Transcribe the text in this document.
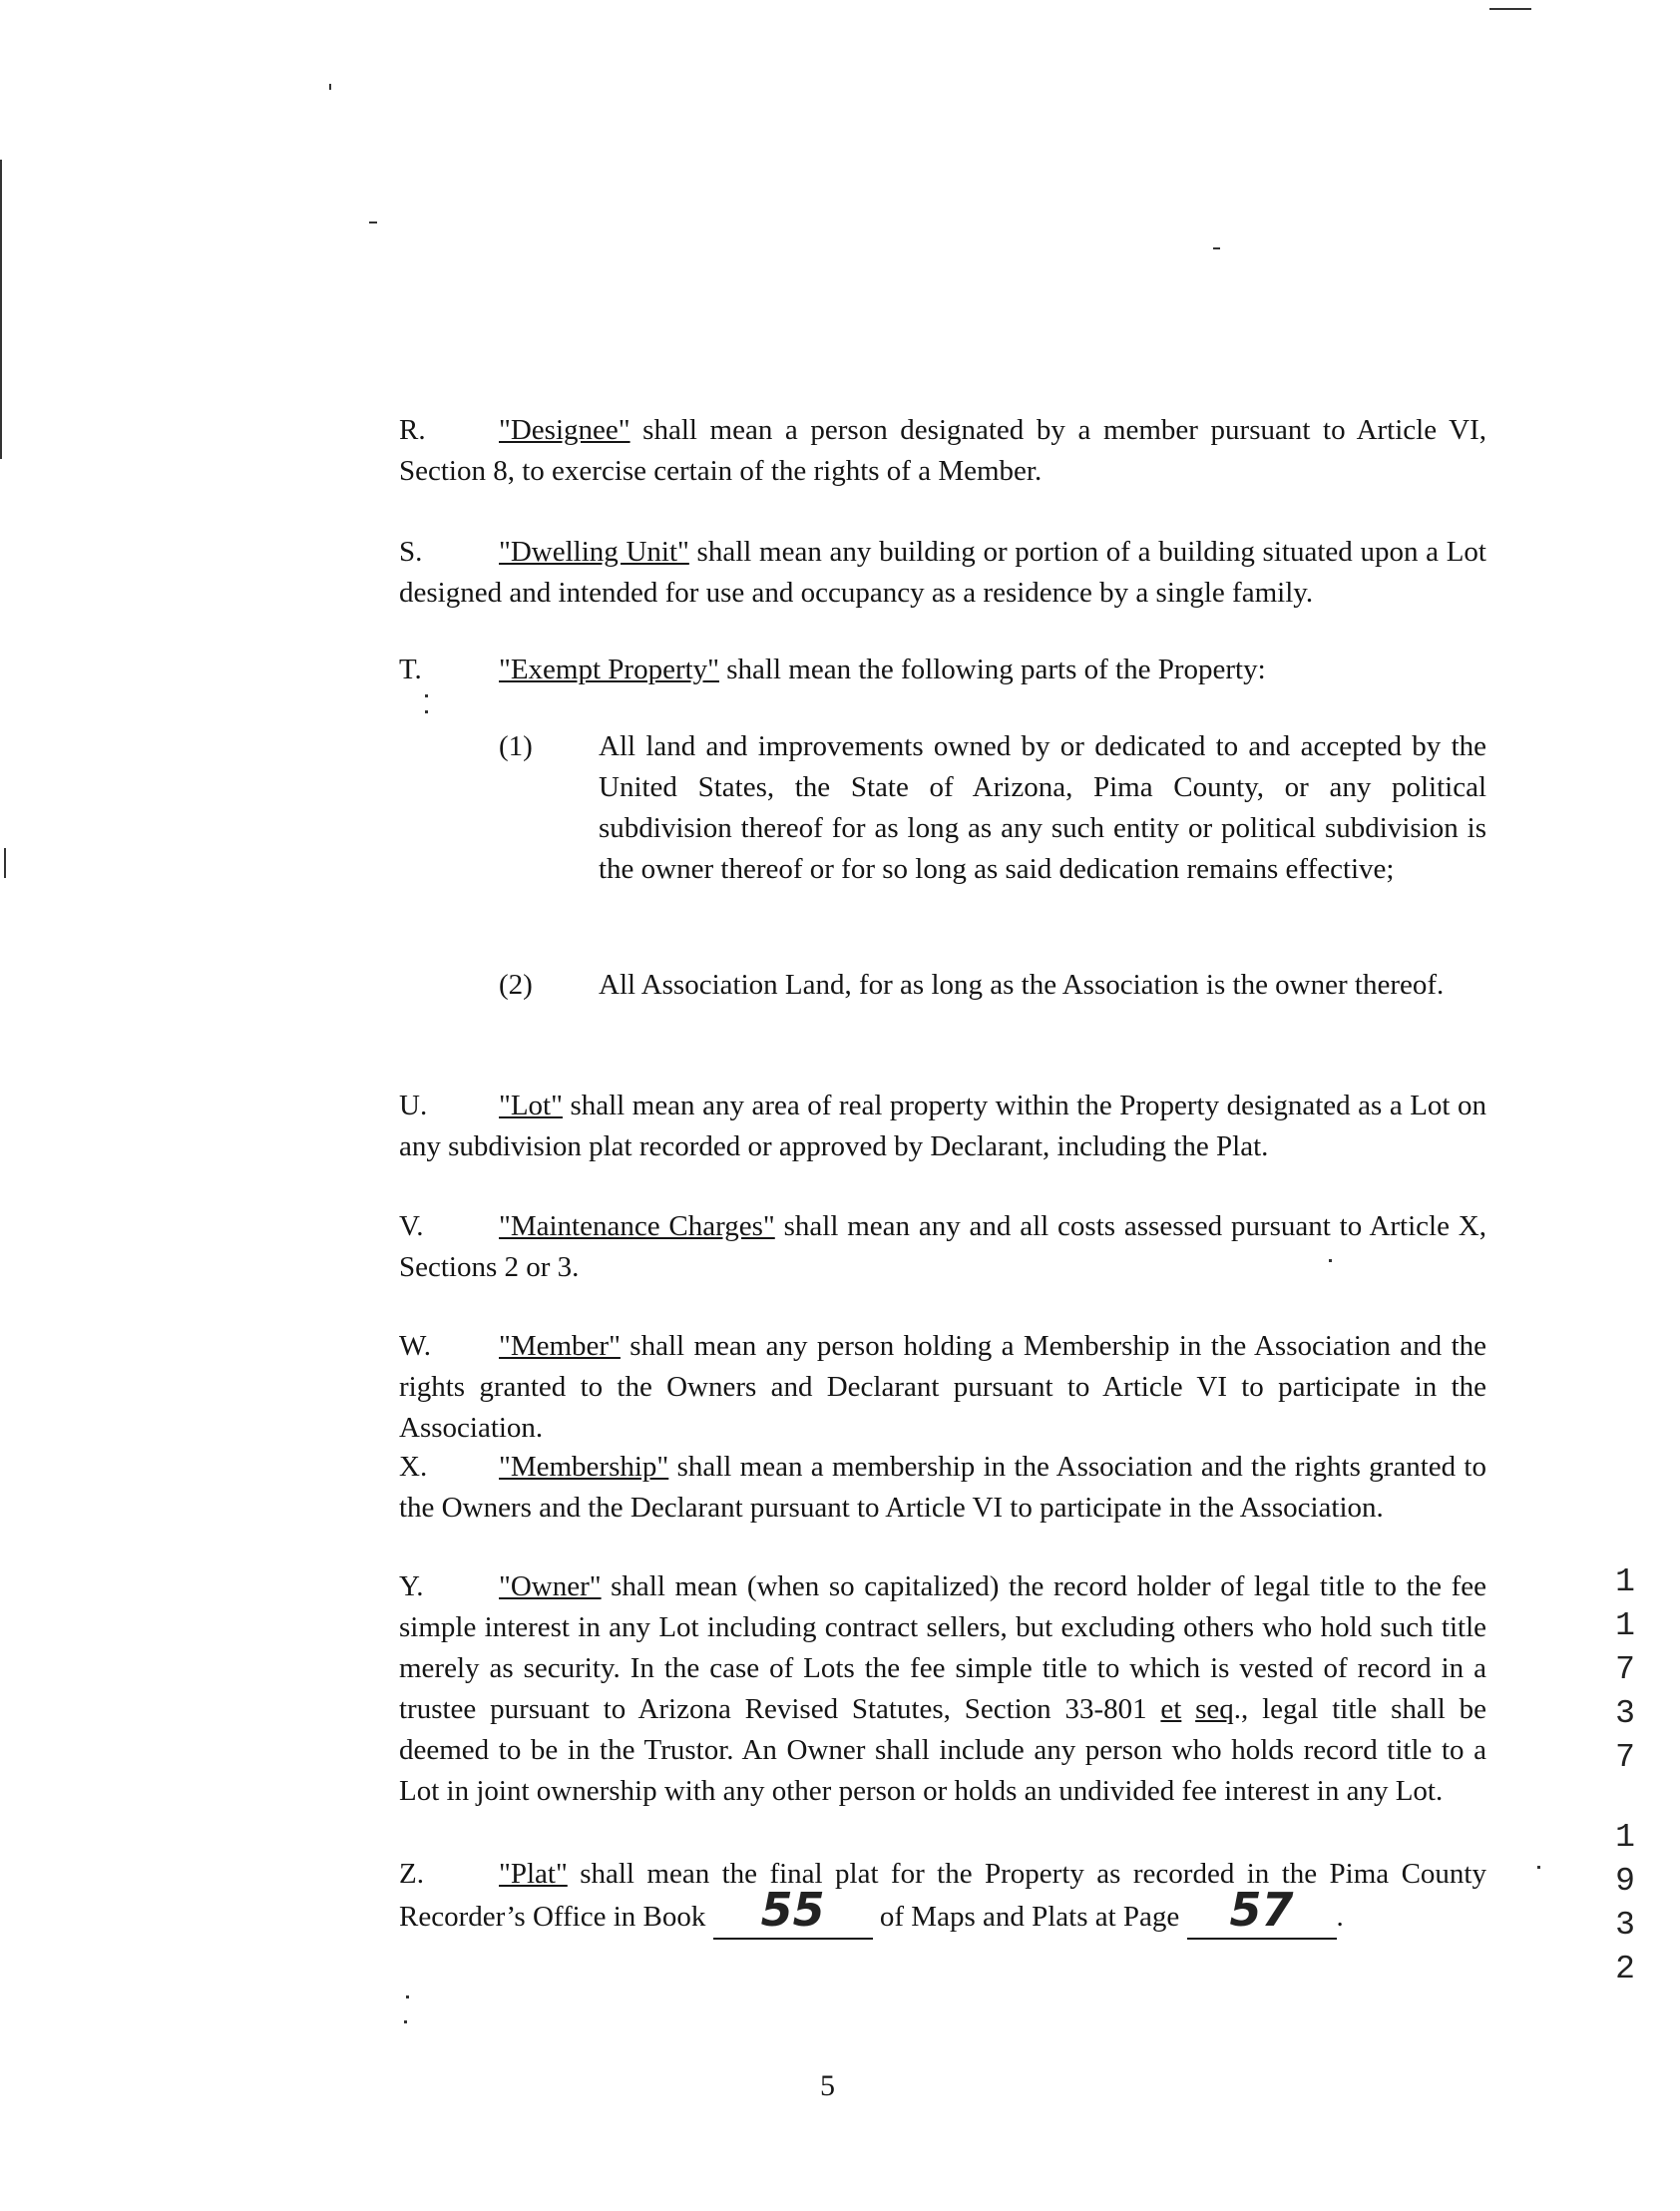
R.	"Designee" shall mean a person designated by a member pursuant to Article VI, Section 8, to exercise certain of the rights of a Member.
S.	"Dwelling Unit" shall mean any building or portion of a building situated upon a Lot designed and intended for use and occupancy as a residence by a single family.
T.	"Exempt Property" shall mean the following parts of the Property:
(1) All land and improvements owned by or dedicated to and accepted by the United States, the State of Arizona, Pima County, or any political subdivision thereof for as long as any such entity or political subdivision is the owner thereof or for so long as said dedication remains effective;
(2) All Association Land, for as long as the Association is the owner thereof.
U. "Lot" shall mean any area of real property within the Property designated as a Lot on any subdivision plat recorded or approved by Declarant, including the Plat.
V.	"Maintenance Charges" shall mean any and all costs assessed pursuant to Article X, Sections 2 or 3.
W. "Member" shall mean any person holding a Membership in the Association and the rights granted to the Owners and Declarant pursuant to Article VI to participate in the Association.
X. "Membership" shall mean a membership in the Association and the rights granted to the Owners and the Declarant pursuant to Article VI to participate in the Association.
Y.	"Owner" shall mean (when so capitalized) the record holder of legal title to the fee simple interest in any Lot including contract sellers, but excluding others who hold such title merely as security. In the case of Lots the fee simple title to which is vested of record in a trustee pursuant to Arizona Revised Statutes, Section 33-801 et seq., legal title shall be deemed to be in the Trustor. An Owner shall include any person who holds record title to a Lot in joint ownership with any other person or holds an undivided fee interest in any Lot.
Z.	"Plat" shall mean the final plat for the Property as recorded in the Pima County Recorder’s Office in Book 55 of Maps and Plats at Page 57 .
5
1
1
7
3
7
1
9
3
2
